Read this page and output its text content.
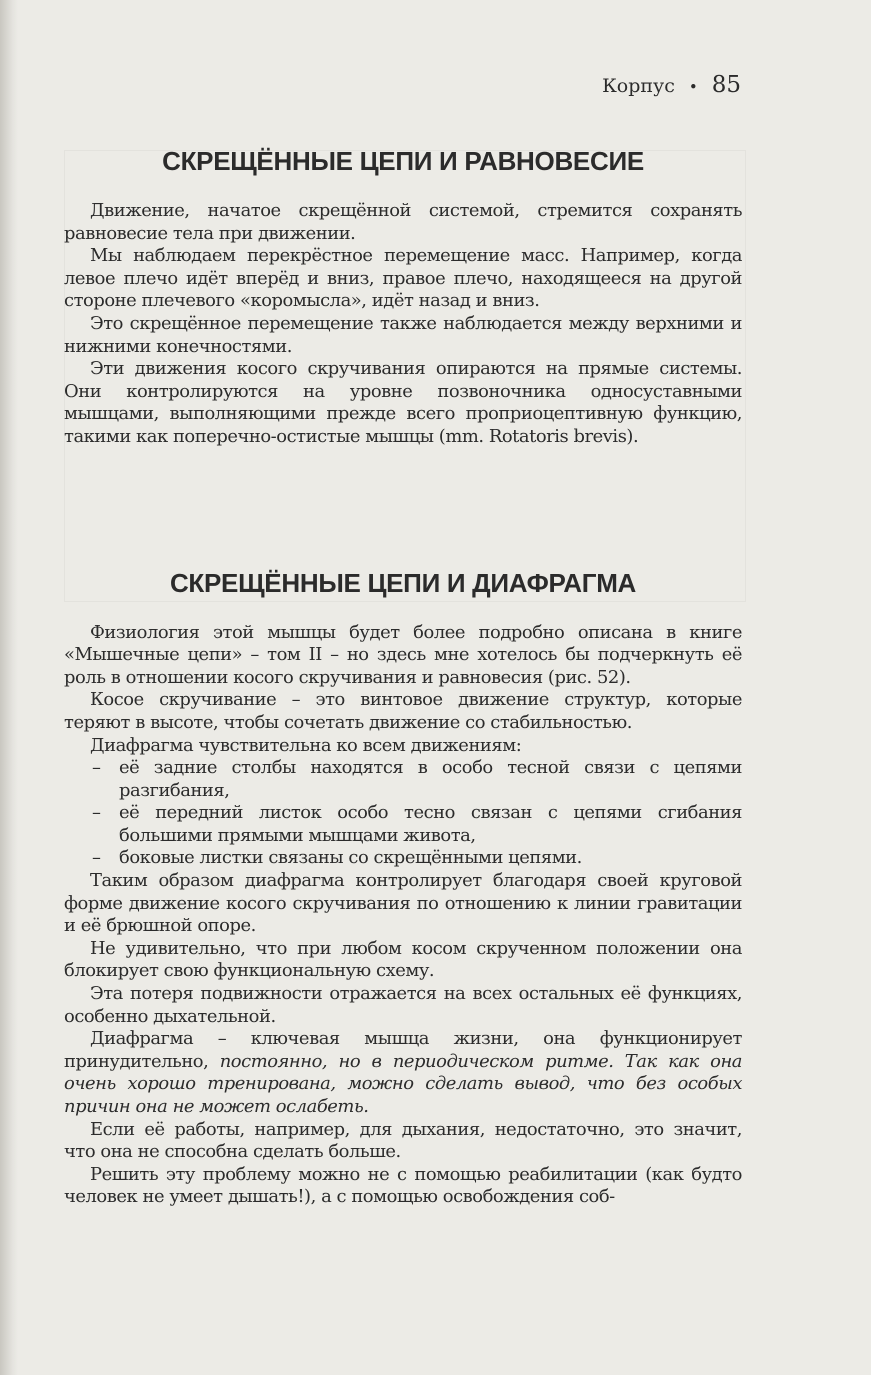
Корпус • 85
СКРЕЩЁННЫЕ ЦЕПИ И РАВНОВЕСИЕ

Движение, начатое скрещённой системой, стремится сохранять равновесие тела при движении.

Мы наблюдаем перекрёстное перемещение масс. Например, когда левое плечо идёт вперёд и вниз, правое плечо, находящееся на другой стороне плечевого «коромысла», идёт назад и вниз.

Это скрещённое перемещение также наблюдается между верхними и нижними конечностями.

Эти движения косого скручивания опираются на прямые системы. Они контролируются на уровне позвоночника односуставными мышцами, выполняющими прежде всего проприоцептивную функцию, такими как поперечно-остистые мышцы (mm. Rotatoris brevis).

СКРЕЩЁННЫЕ ЦЕПИ И ДИАФРАГМА

Физиология этой мышцы будет более подробно описана в книге «Мышечные цепи» – том II – но здесь мне хотелось бы подчеркнуть её роль в отношении косого скручивания и равновесия (рис. 52).

Косое скручивание – это винтовое движение структур, которые теряют в высоте, чтобы сочетать движение со стабильностью.

Диафрагма чувствительна ко всем движениям:

– её задние столбы находятся в особо тесной связи с цепями разгибания,
– её передний листок особо тесно связан с цепями сгибания большими прямыми мышцами живота,
– боковые листки связаны со скрещёнными цепями.

Таким образом диафрагма контролирует благодаря своей круговой форме движение косого скручивания по отношению к линии гравитации и её брюшной опоре.

Не удивительно, что при любом косом скрученном положении она блокирует свою функциональную схему.

Эта потеря подвижности отражается на всех остальных её функциях, особенно дыхательной.

Диафрагма – ключевая мышца жизни, она функционирует принудительно, постоянно, но в периодическом ритме. Так как она очень хорошо тренирована, можно сделать вывод, что без особых причин она не может ослабеть.

Если её работы, например, для дыхания, недостаточно, это значит, что она не способна сделать больше.

Решить эту проблему можно не с помощью реабилитации (как будто человек не умеет дышать!), а с помощью освобождения соб-
